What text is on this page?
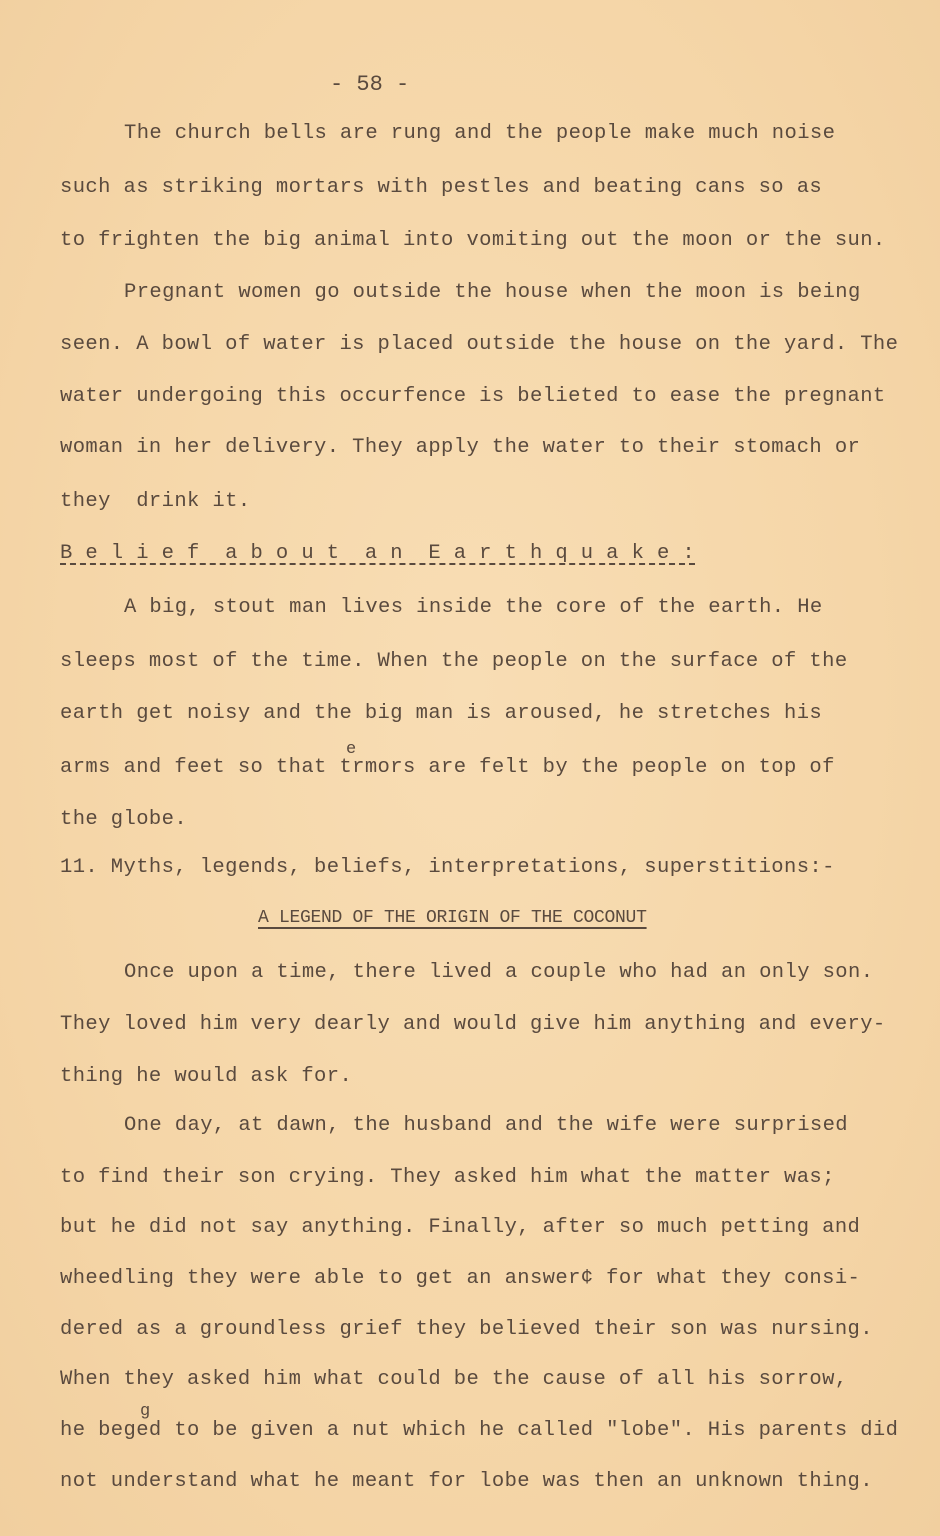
- 58 -
The church bells are rung and the people make much noise
such as striking mortars with pestles and beating cans so as
to frighten the big animal into vomiting out the moon or the sun.
Pregnant women go outside the house when the moon is being
seen. A bowl of water is placed outside the house on the yard. The
water undergoing this occurfence is belieted to ease the pregnant
woman in her delivery. They apply the water to their stomach or
they  drink it.
B e l i e f  a b o u t  a n  E a r t h q u a k e :
A big, stout man lives inside the core of the earth. He
sleeps most of the time. When the people on the surface of the
earth get noisy and the big man is aroused, he stretches his
e
arms and feet so that trmors are felt by the people on top of
the globe.
11. Myths, legends, beliefs, interpretations, superstitions:-
A LEGEND OF THE ORIGIN OF THE COCONUT
Once upon a time, there lived a couple who had an only son.
They loved him very dearly and would give him anything and every-
thing he would ask for.
One day, at dawn, the husband and the wife were surprised
to find their son crying. They asked him what the matter was;
but he did not say anything. Finally, after so much petting and
wheedling they were able to get an answer¢ for what they consi-
dered as a groundless grief they believed their son was nursing.
When they asked him what could be the cause of all his sorrow,
g
he beged to be given a nut which he called "lobe". His parents did
not understand what he meant for lobe was then an unknown thing.
